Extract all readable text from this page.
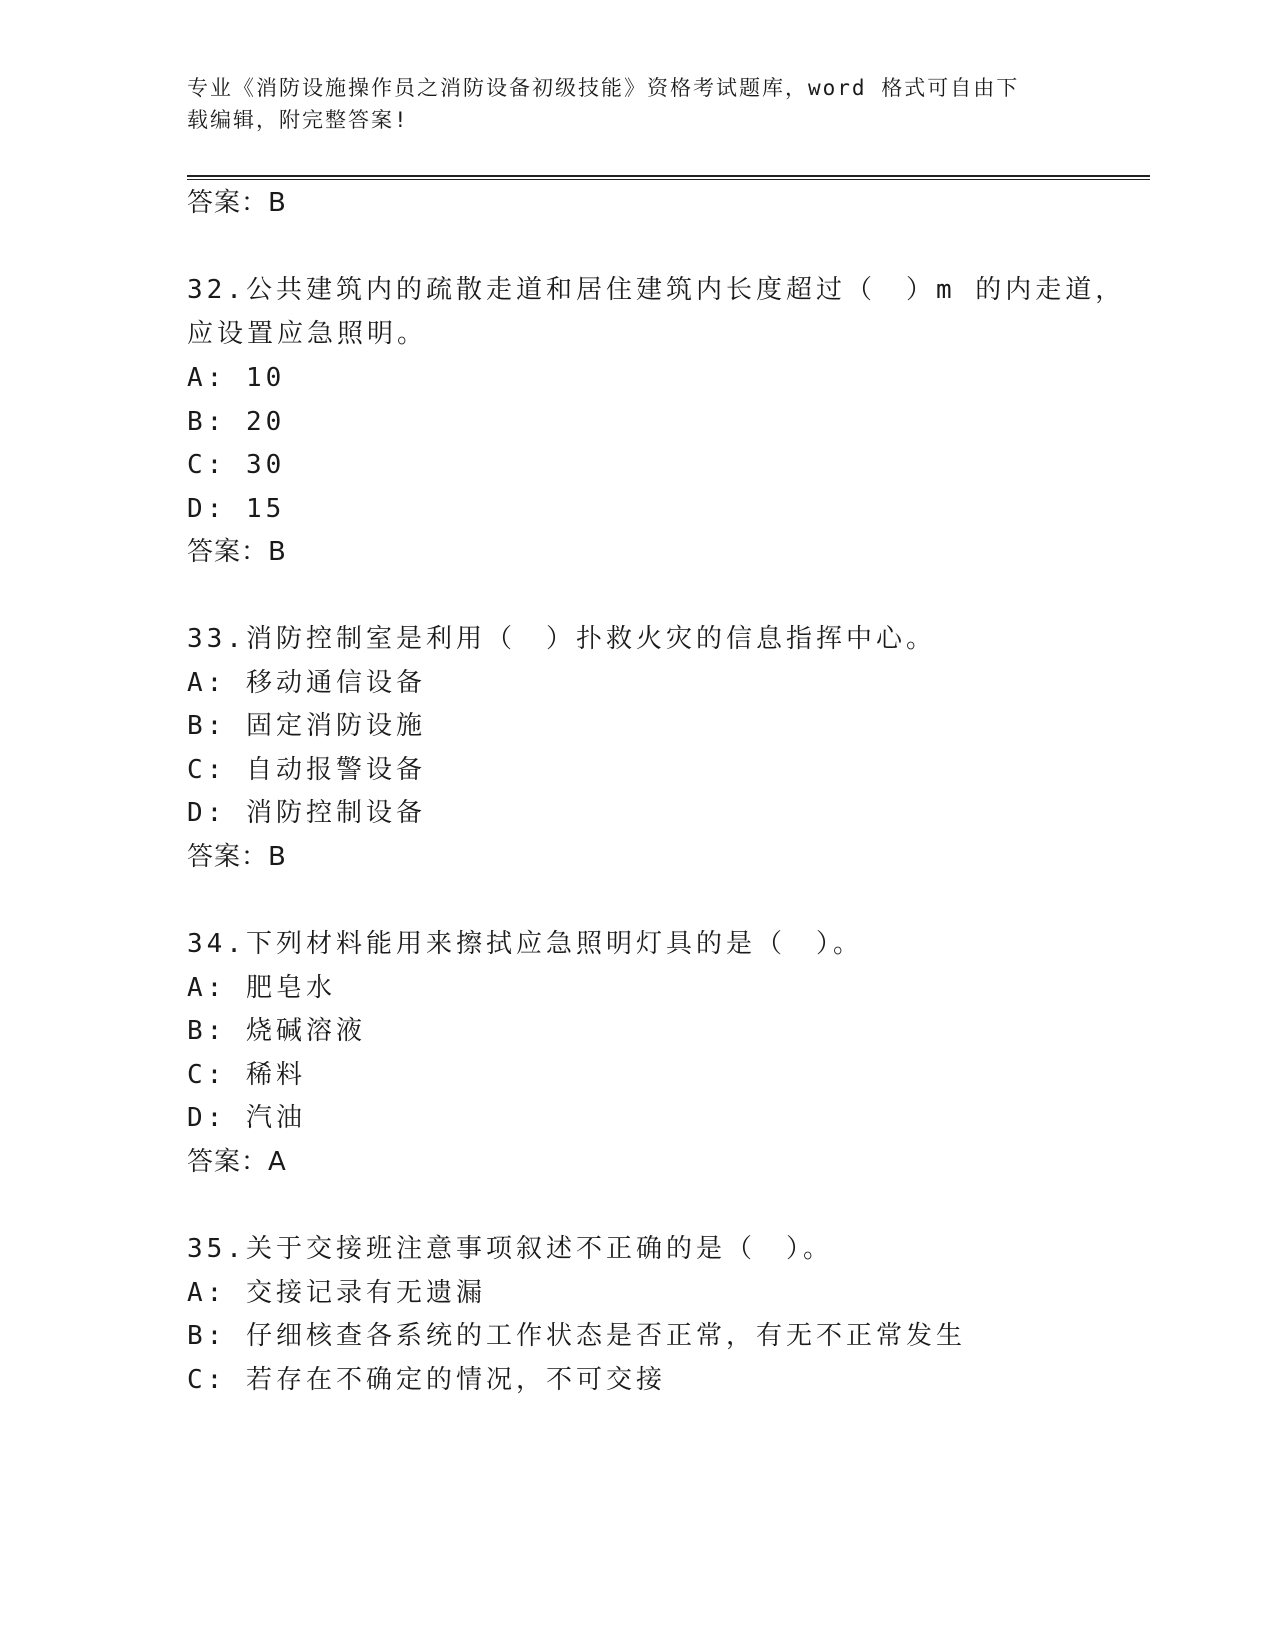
专业《消防设施操作员之消防设备初级技能》资格考试题库，word 格式可自由下
载编辑，附完整答案!
答案：B
32.公共建筑内的疏散走道和居住建筑内长度超过（　）m 的内走道，
应设置应急照明。
A: 10
B: 20
C: 30
D: 15
答案：B
33.消防控制室是利用（　）扑救火灾的信息指挥中心。
A: 移动通信设备
B: 固定消防设施
C: 自动报警设备
D: 消防控制设备
答案：B
34.下列材料能用来擦拭应急照明灯具的是（　）。
A: 肥皂水
B: 烧碱溶液
C: 稀料
D: 汽油
答案：A
35.关于交接班注意事项叙述不正确的是（　）。
A: 交接记录有无遗漏
B: 仔细核查各系统的工作状态是否正常，有无不正常发生
C: 若存在不确定的情况，不可交接
